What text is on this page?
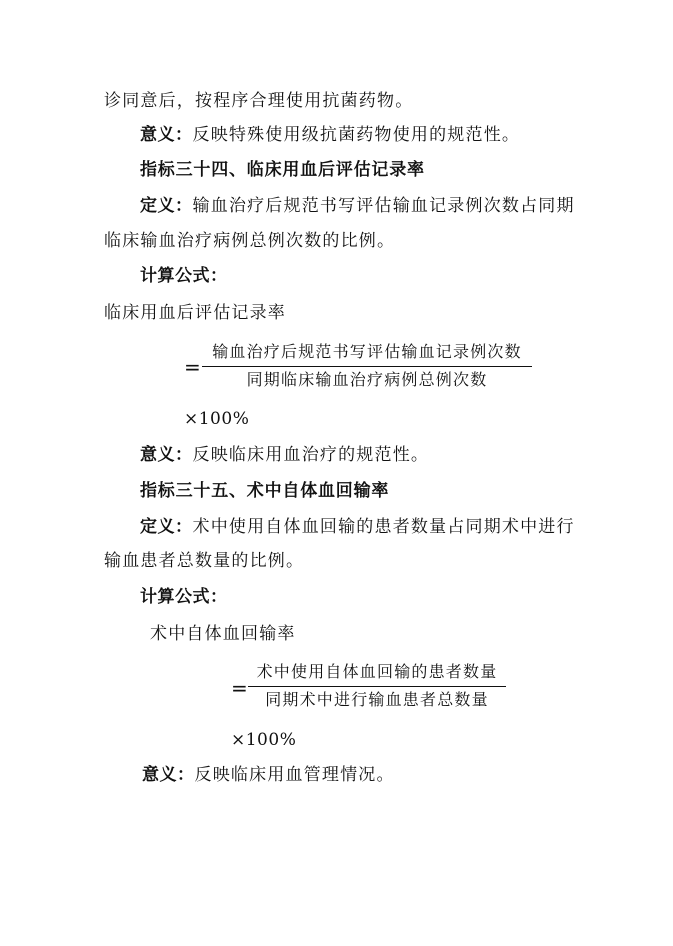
诊同意后，按程序合理使用抗菌药物。
意义：反映特殊使用级抗菌药物使用的规范性。
指标三十四、临床用血后评估记录率
定义：输血治疗后规范书写评估输血记录例次数占同期
临床输血治疗病例总例次数的比例。
计算公式：
临床用血后评估记录率
=
输血治疗后规范书写评估输血记录例次数
同期临床输血治疗病例总例次数
×100%
意义：反映临床用血治疗的规范性。
指标三十五、术中自体血回输率
定义：术中使用自体血回输的患者数量占同期术中进行
输血患者总数量的比例。
计算公式：
术中自体血回输率
=
术中使用自体血回输的患者数量
同期术中进行输血患者总数量
×100%
意义：反映临床用血管理情况。
